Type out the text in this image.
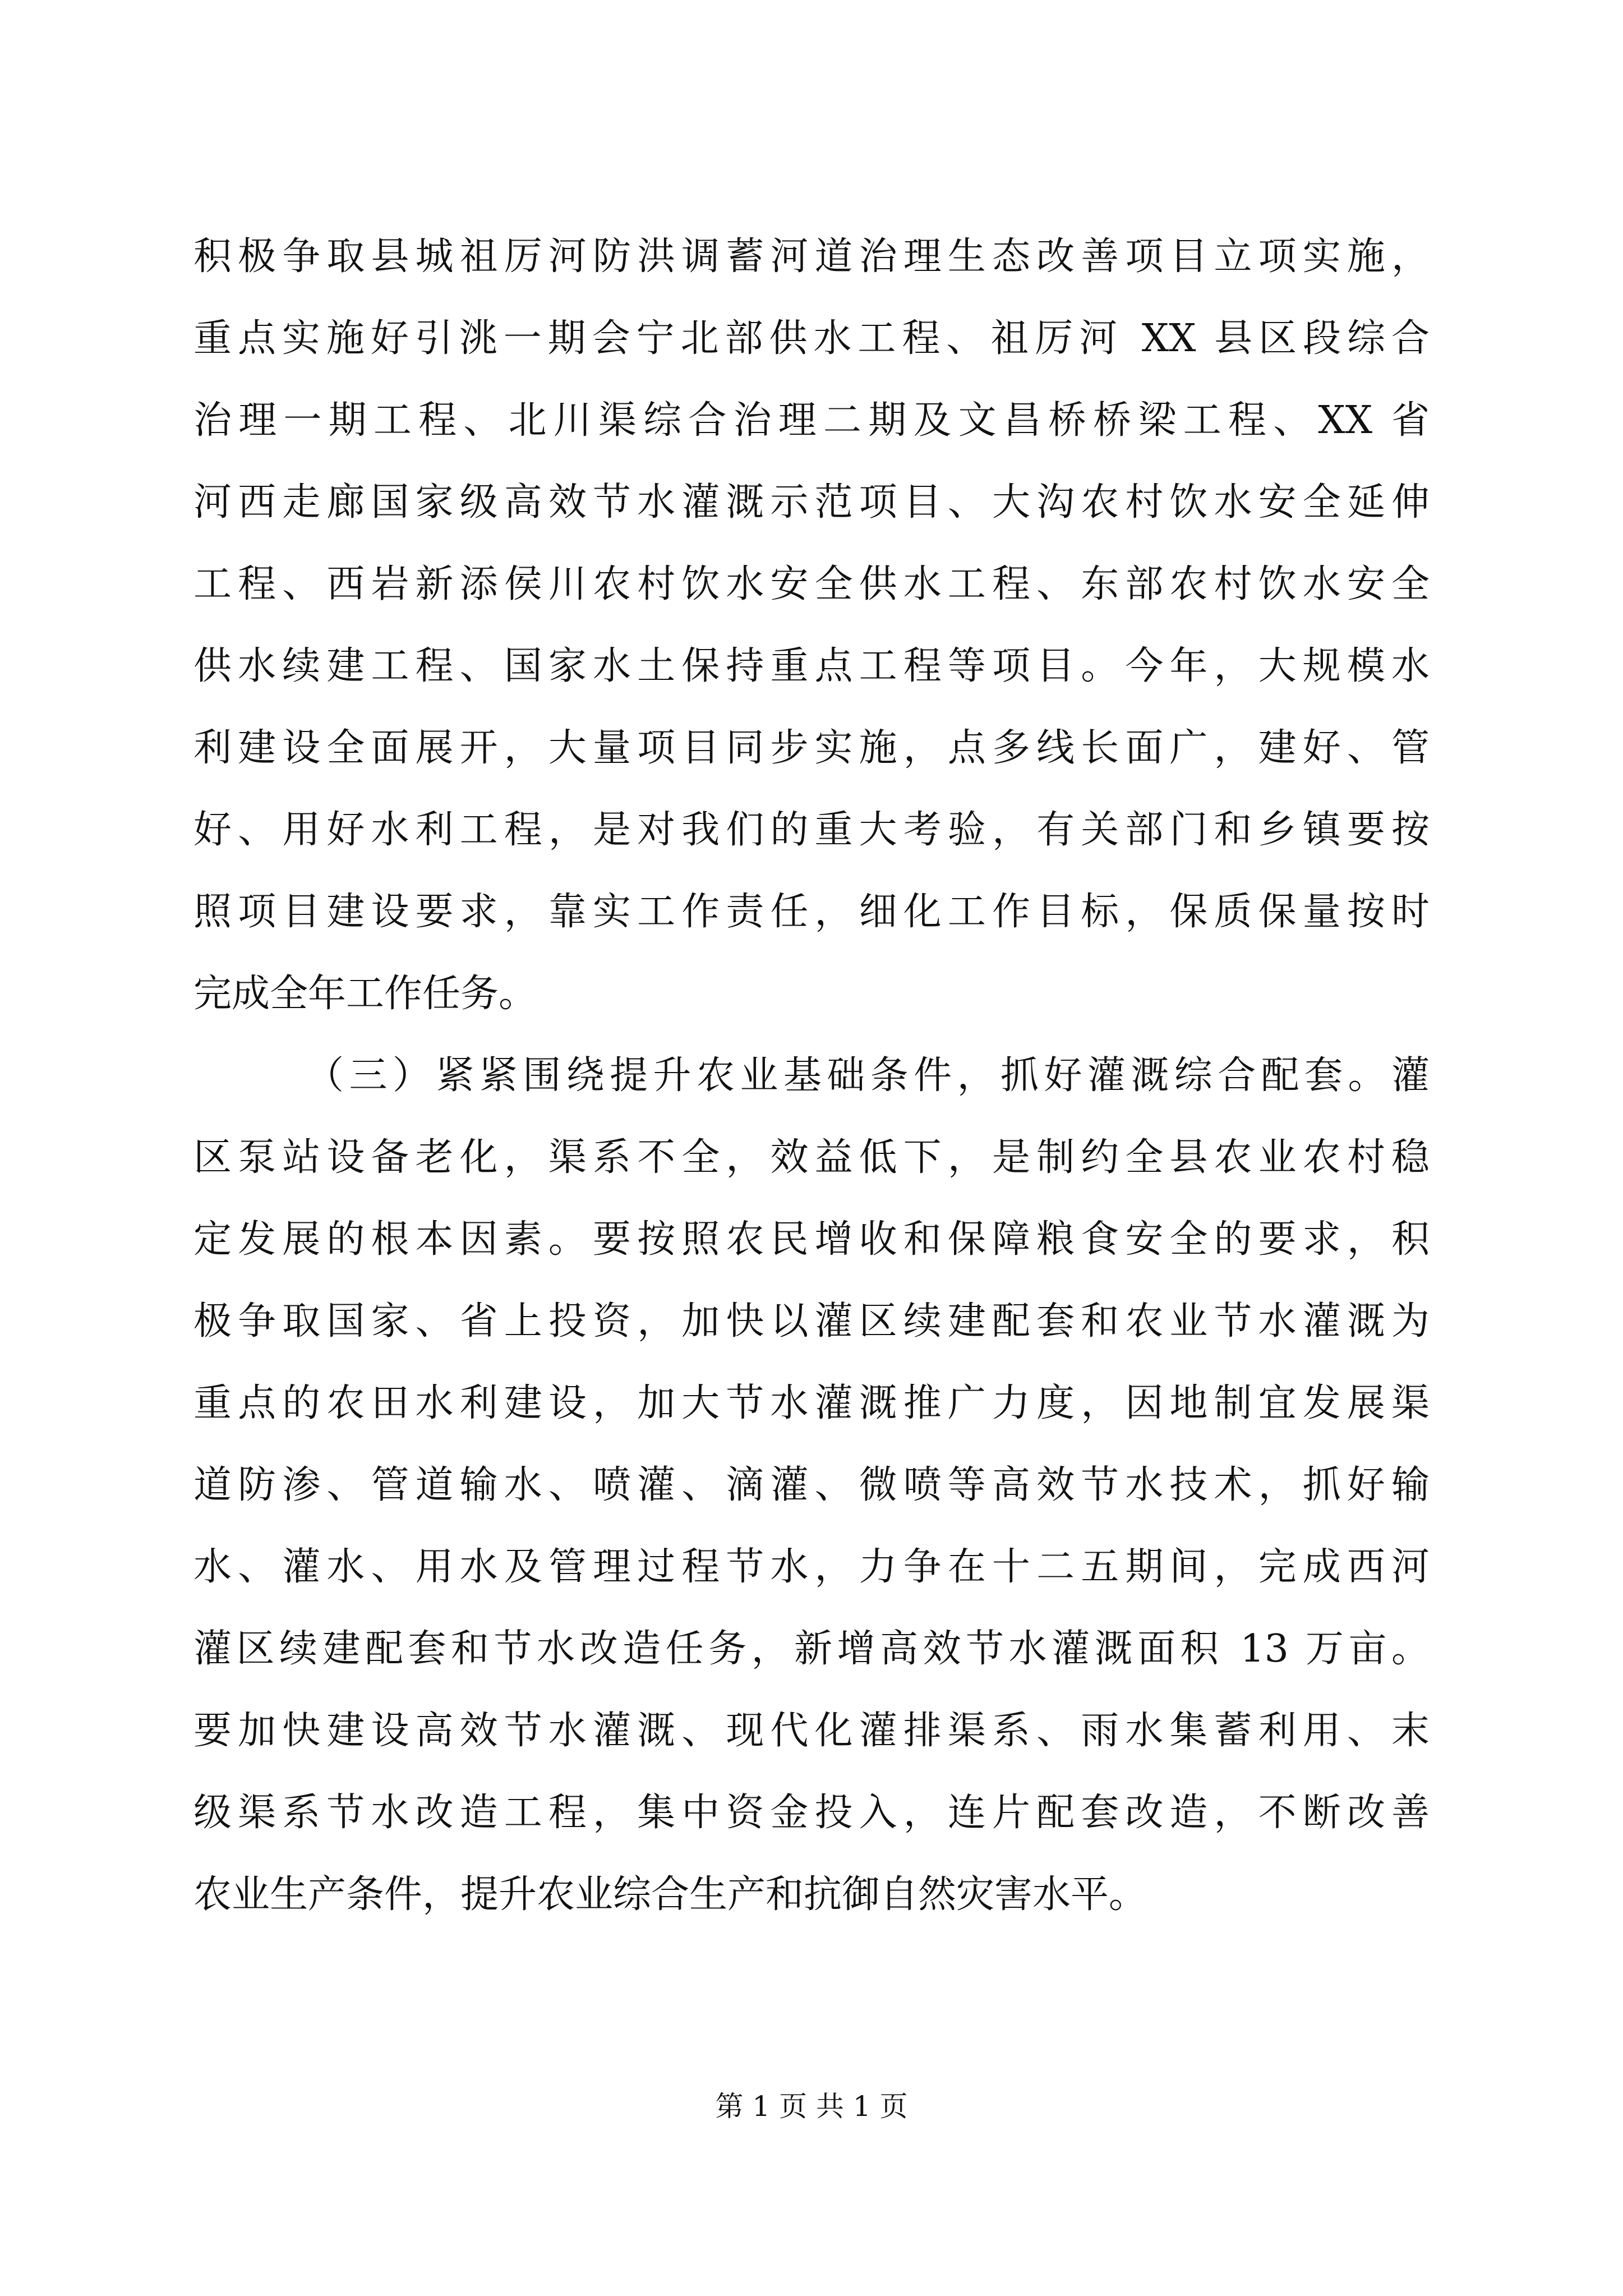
积极争取县城祖厉河防洪调蓄河道治理生态改善项目立项实施，
重点实施好引洮一期会宁北部供水工程、祖厉河 XX 县区段综合
治理一期工程、北川渠综合治理二期及文昌桥桥梁工程、XX 省
河西走廊国家级高效节水灌溉示范项目、大沟农村饮水安全延伸
工程、西岩新添侯川农村饮水安全供水工程、东部农村饮水安全
供水续建工程、国家水土保持重点工程等项目。今年，大规模水
利建设全面展开，大量项目同步实施，点多线长面广，建好、管
好、用好水利工程，是对我们的重大考验，有关部门和乡镇要按
照项目建设要求，靠实工作责任，细化工作目标，保质保量按时
完成全年工作任务。
（三）紧紧围绕提升农业基础条件，抓好灌溉综合配套。灌
区泵站设备老化，渠系不全，效益低下，是制约全县农业农村稳
定发展的根本因素。要按照农民增收和保障粮食安全的要求，积
极争取国家、省上投资，加快以灌区续建配套和农业节水灌溉为
重点的农田水利建设，加大节水灌溉推广力度，因地制宜发展渠
道防渗、管道输水、喷灌、滴灌、微喷等高效节水技术，抓好输
水、灌水、用水及管理过程节水，力争在十二五期间，完成西河
灌区续建配套和节水改造任务，新增高效节水灌溉面积 13 万亩。
要加快建设高效节水灌溉、现代化灌排渠系、雨水集蓄利用、末
级渠系节水改造工程，集中资金投入，连片配套改造，不断改善
农业生产条件，提升农业综合生产和抗御自然灾害水平。
第 1 页 共 1 页
